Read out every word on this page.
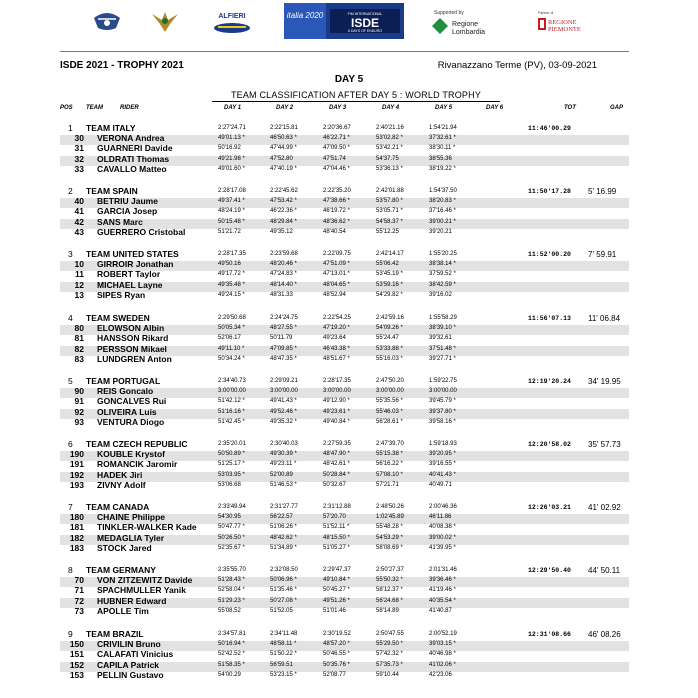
ALFIERI	italia 2020	FIM INTERNATIONAL
ISDE
6 DAYS OF ENDURO
Supported by
Regione
Lombardia
Partner di
REGIONE
PIEMONTE
ISDE 2021 - TROPHY 2021	Rivanazzano Terme (PV), 03-09-2021
DAY 5
TEAM CLASSIFICATION AFTER DAY 5 : WORLD TROPHY
POS TEAM	RIDER	DAY 1	DAY 2	DAY 3	DAY 4	DAY 5	DAY 6	TOT	GAP
1 TEAM ITALY	2:27'24.71	2:22'15.81	2:20'36.67	2:40'21.16	1:54'21.94	11:46'00.29
30 VERONA Andrea	49'01.13 *	46'50.63 *	46'22.71 *	53'02.82 *	37'32.61 *
31 GUARNERI Davide	50'16.92	47'44.99 *	47'09.50 *	53'42.21 *	38'30.11 *
32 OLDRATI Thomas	49'21.98 *	47'52.80	47'51.74	54'37.75	38'55.36
33 CAVALLO Matteo	49'01.60 *	47'40.19 *	47'04.46 *	53'36.13 *	38'19.22 *
2 TEAM SPAIN	2:28'17.08	2:22'45.62	2:22'35.20	2:42'01.88	1:54'37.50	11:50'17.28 5' 16.99
40 BETRIU Jaume	49'37.41 *	47'53.42 *	47'38.66 *	53'57.80 *	38'20.83 *
41 GARCIA Josep	48'24.19 *	46'22.36 *	46'19.72 *	53'05.71 *	37'16.46 *
42 SANS Marc	50'15.48 *	48'29.84 *	48'36.62 *	54'58.37 *	39'00.21 *
43 GUERRERO Cristobal	51'21.72	49'35.12	48'40.54	55'12.25	39'20.21
3 TEAM UNITED STATES	2:28'17.35	2:23'59.68	2:22'09.75	2:42'14.17	1:55'20.25	11:52'00.20 7' 59.91
10 GIRROIR Jonathan	49'50.16	48'20.46 *	47'51.09 *	55'06.42	38'38.14 *
11 ROBERT Taylor	49'17.72 *	47'24.83 *	47'13.01 *	53'45.19 *	37'59.52 *
12 MICHAEL Layne	49'35.48 *	48'14.40 *	48'04.65 *	53'59.16 *	38'42.59 *
13 SIPES Ryan	49'24.15 *	48'31.33	48'52.94	54'29.82 *	39'16.02
4 TEAM SWEDEN	2:29'50.68	2:24'24.75	2:22'54.25	2:42'59.16	1:55'58.29	11:56'07.13 11' 06.84
80 ELOWSON Albin	50'05.34 *	48'27.55 *	47'19.20 *	54'09.26 *	38'39.10 *
81 HANSSON Rikard	52'06.17	50'11.79	49'23.64	55'24.47	39'32.61
82 PERSSON Mikael	49'11.10 *	47'09.85 *	46'43.38 *	53'33.88 *	37'51.48 *
83 LUNDGREN Anton	50'34.24 *	48'47.35 *	48'51.67 *	55'16.03 *	39'27.71 *
5 TEAM PORTUGAL	2:34'40.73	2:29'09.21	2:28'17.35	2:47'50.20	1:59'22.75	12:19'20.24 34' 19.95
90 REIS Goncalo	3:00'00.00	3:00'00.00	3:00'00.00	3:00'00.00	3:00'00.00
91 GONCALVES Rui	51'42.12 *	49'41.43 *	49'12.90 *	55'35.56 *	39'45.79 *
92 OLIVEIRA Luis	51'16.16 *	49'52.46 *	49'23.61 *	55'46.03 *	39'37.80 *
93 VENTURA Diogo	51'42.45 *	49'35.32 *	49'40.84 *	56'28.61 *	39'58.16 *
6 TEAM CZECH REPUBLIC	2:35'20.01	2:30'40.03	2:27'59.35	2:47'39.70	1:59'18.93	12:20'58.02 35' 57.73
190 KOUBLE Krystof	50'50.89 *	49'30.39 *	48'47.90 *	55'15.38 *	39'20.95 *
191 ROMANCIK Jaromir	51'25.17 *	49'23.11 *	48'42.61 *	56'16.22 *	39'16.55 *
192 HADEK Jiri	53'03.95 *	52'00.89	50'28.84 *	57'08.10 *	40'41.43 *
193 ZIVNY Adolf	53'06.68	51'46.53 *	50'32.67	57'21.71	40'49.71
7 TEAM CANADA	2:33'49.94	2:31'27.77	2:31'12.88	2:48'50.26	2:00'46.36	12:26'03.21 41' 02.92
180 CHAINE Philippe	54'30.95	56'22.57	57'20.70	1:02'45.89	46'11.86
181 TINKLER-WALKER Kade	50'47.77 *	51'06.26 *	51'52.11 *	55'48.28 *	40'08.38 *
182 MEDAGLIA Tyler	50'26.50 *	48'42.62 *	48'15.50 *	54'53.29 *	39'00.02 *
183 STOCK Jared	52'35.67 *	51'34.89 *	51'05.27 *	58'08.69 *	41'39.95 *
8 TEAM GERMANY	2:35'55.70	2:32'08.50	2:29'47.37	2:50'27.37	2:01'31.46	12:29'50.40 44' 50.11
70 VON ZITZEWITZ Davide	51'28.43 *	50'06.96 *	49'10.84 *	55'50.32 *	39'36.46 *
71 SPACHMULLER Yanik	52'58.04 *	51'35.46 *	50'45.27 *	58'12.37 *	41'19.46 *
72 HUBNER Edward	51'29.23 *	50'27.08 *	49'51.26 *	56'24.68 *	40'35.54 *
73 APOLLE Tim	55'08.52	51'52.05	51'01.46	58'14.89	41'40.87
9 TEAM BRAZIL	2:34'57.81	2:34'11.48	2:30'19.52	2:50'47.55	2:00'52.19	12:31'08.66 46' 08.26
150 CRIVILIN Bruno	50'16.94 *	48'58.11 *	48'57.20 *	55'29.50 *	39'03.15 *
151 CALAFATI Vinicius	52'42.52 *	51'50.22 *	50'46.55 *	57'42.32 *	40'46.98 *
152 CAPILA Patrick	51'58.35 *	56'59.51	50'35.76 *	57'35.73 *	41'02.06 *
153 PELLIN Gustavo	54'00.29	53'23.15 *	52'08.77	59'10.44	42'23.06
